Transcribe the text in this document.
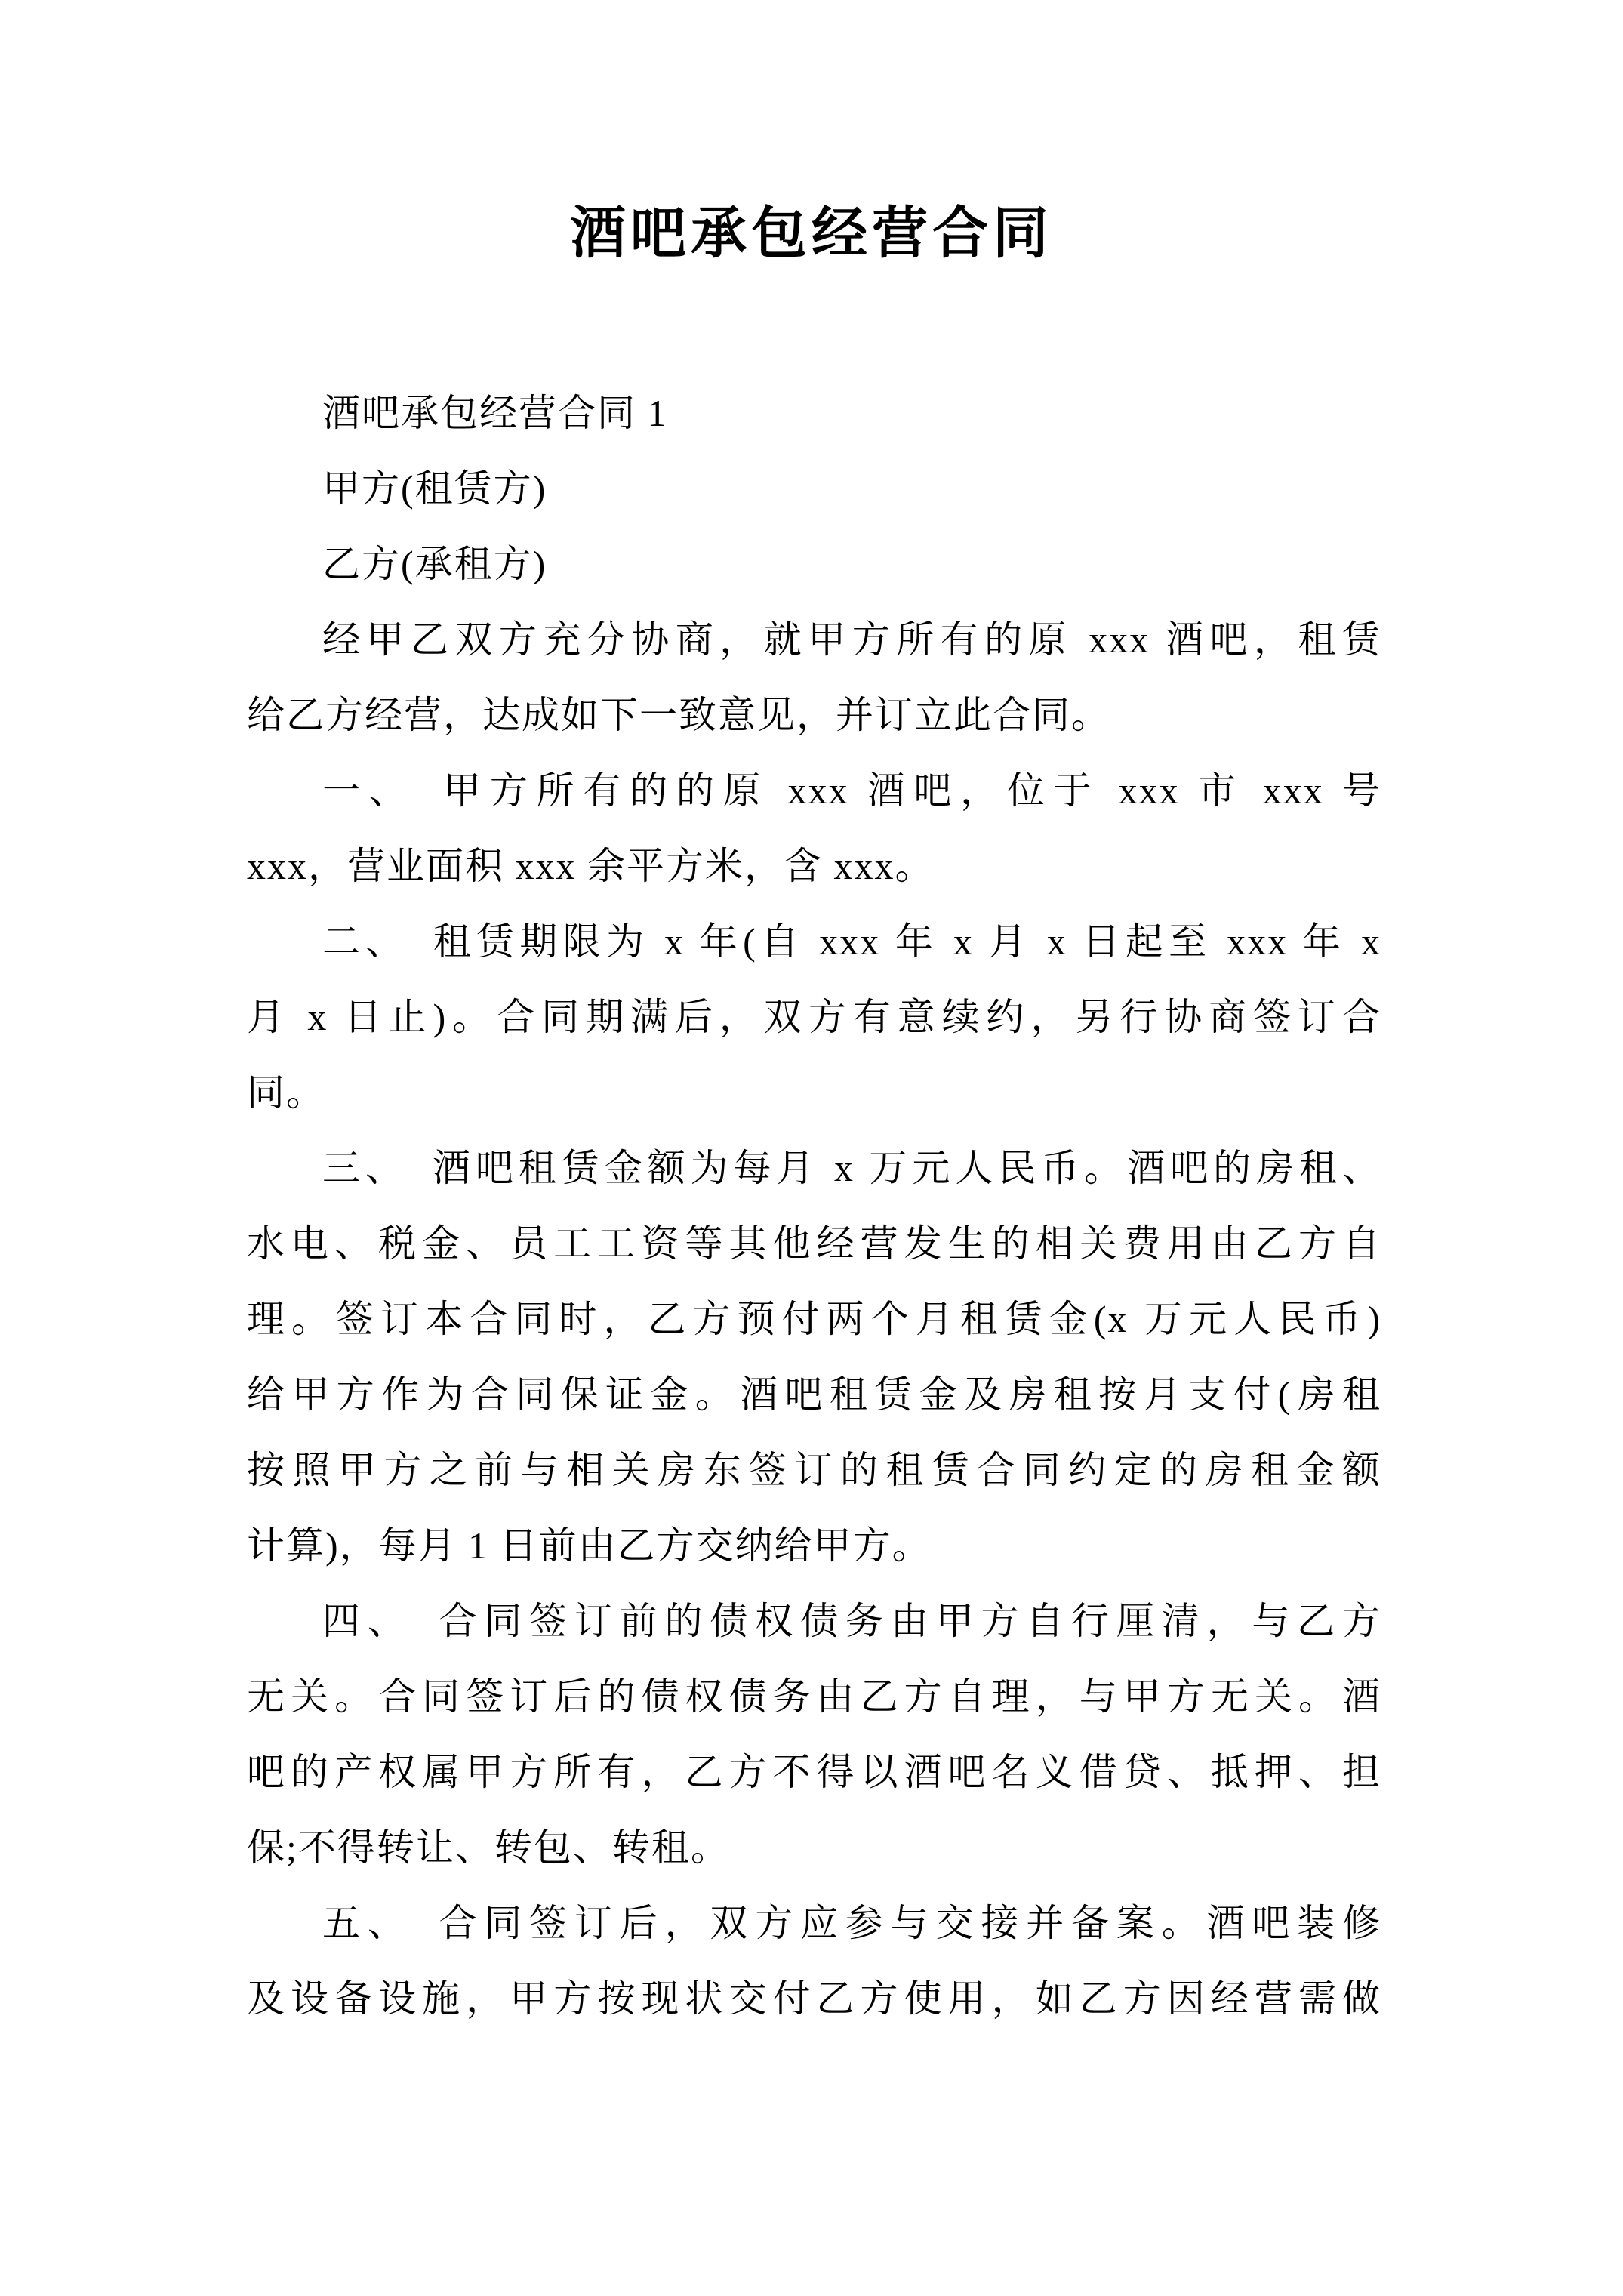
酒吧承包经营合同
酒吧承包经营合同 1
甲方(租赁方)
乙方(承租方)
经甲乙双方充分协商，就甲方所有的原 xxx 酒吧，租赁
给乙方经营，达成如下一致意见，并订立此合同。
一、　甲方所有的的原 xxx 酒吧，位于 xxx 市 xxx 号
xxx，营业面积 xxx 余平方米，含 xxx。
二、　租赁期限为 x 年(自 xxx 年 x 月 x 日起至 xxx 年 x
月 x 日止)。合同期满后，双方有意续约，另行协商签订合
同。
三、　酒吧租赁金额为每月 x 万元人民币。酒吧的房租、
水电、税金、员工工资等其他经营发生的相关费用由乙方自
理。签订本合同时，乙方预付两个月租赁金(x 万元人民币)
给甲方作为合同保证金。酒吧租赁金及房租按月支付(房租
按照甲方之前与相关房东签订的租赁合同约定的房租金额
计算)，每月 1 日前由乙方交纳给甲方。
四、　合同签订前的债权债务由甲方自行厘清，与乙方
无关。合同签订后的债权债务由乙方自理，与甲方无关。酒
吧的产权属甲方所有，乙方不得以酒吧名义借贷、抵押、担
保;不得转让、转包、转租。
五、　合同签订后，双方应参与交接并备案。酒吧装修
及设备设施，甲方按现状交付乙方使用，如乙方因经营需做
